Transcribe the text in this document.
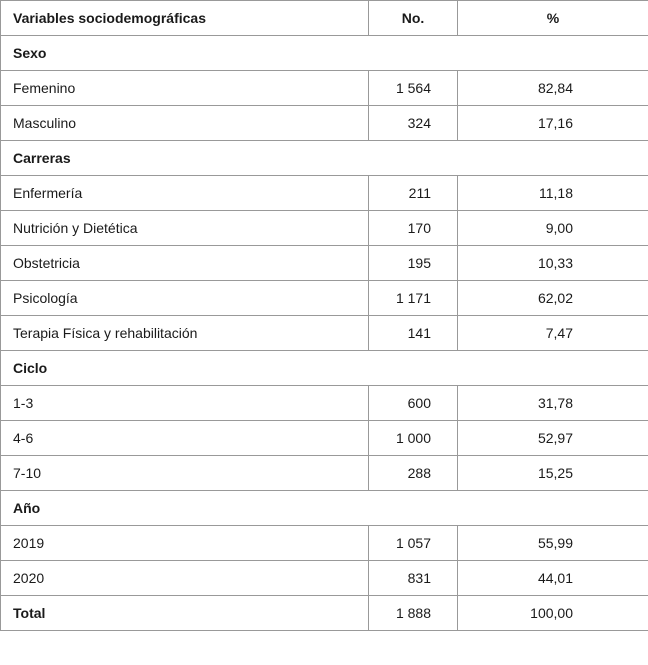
Variables sociodemográficas	No.	%
Sexo		
Femenino	1 564	82,84
Masculino	324	17,16
Carreras		
Enfermería	211	11,18
Nutrición y Dietética	170	9,00
Obstetricia	195	10,33
Psicología	1 171	62,02
Terapia Física y rehabilitación	141	7,47
Ciclo		
1-3	600	31,78
4-6	1 000	52,97
7-10	288	15,25
Año		
2019	1 057	55,99
2020	831	44,01
Total	1 888	100,00
